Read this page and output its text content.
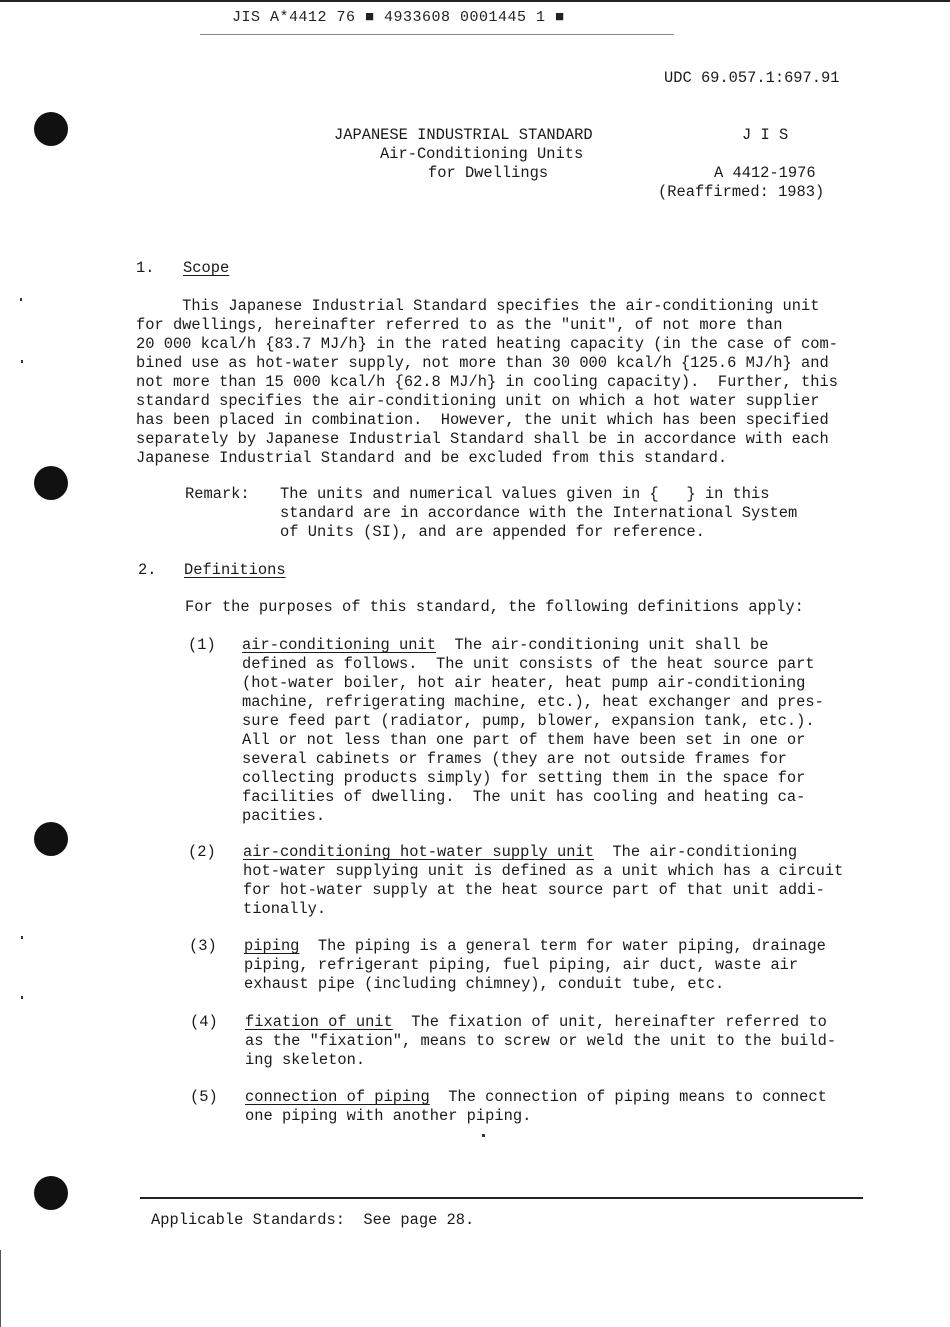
JIS A*4412 76 ■ 4933608 0001445 1 ■
UDC 69.057.1:697.91
JAPANESE INDUSTRIAL STANDARD
Air-Conditioning Units
for Dwellings
J I S
A 4412-1976
(Reaffirmed: 1983)
1. Scope
This Japanese Industrial Standard specifies the air-conditioning unit
for dwellings, hereinafter referred to as the "unit", of not more than
20 000 kcal/h {83.7 MJ/h} in the rated heating capacity (in the case of com-
bined use as hot-water supply, not more than 30 000 kcal/h {125.6 MJ/h} and
not more than 15 000 kcal/h {62.8 MJ/h} in cooling capacity).  Further, this
standard specifies the air-conditioning unit on which a hot water supplier
has been placed in combination.  However, the unit which has been specified
separately by Japanese Industrial Standard shall be in accordance with each
Japanese Industrial Standard and be excluded from this standard.
Remark: The units and numerical values given in {   } in this
standard are in accordance with the International System
of Units (SI), and are appended for reference.
2. Definitions
For the purposes of this standard, the following definitions apply:
(1) air-conditioning unit  The air-conditioning unit shall be
defined as follows.  The unit consists of the heat source part
(hot-water boiler, hot air heater, heat pump air-conditioning
machine, refrigerating machine, etc.), heat exchanger and pres-
sure feed part (radiator, pump, blower, expansion tank, etc.).
All or not less than one part of them have been set in one or
several cabinets or frames (they are not outside frames for
collecting products simply) for setting them in the space for
facilities of dwelling.  The unit has cooling and heating ca-
pacities.
(2) air-conditioning hot-water supply unit  The air-conditioning
hot-water supplying unit is defined as a unit which has a circuit
for hot-water supply at the heat source part of that unit addi-
tionally.
(3) piping  The piping is a general term for water piping, drainage
piping, refrigerant piping, fuel piping, air duct, waste air
exhaust pipe (including chimney), conduit tube, etc.
(4) fixation of unit  The fixation of unit, hereinafter referred to
as the "fixation", means to screw or weld the unit to the build-
ing skeleton.
(5) connection of piping  The connection of piping means to connect
one piping with another piping.
Applicable Standards:  See page 28.
